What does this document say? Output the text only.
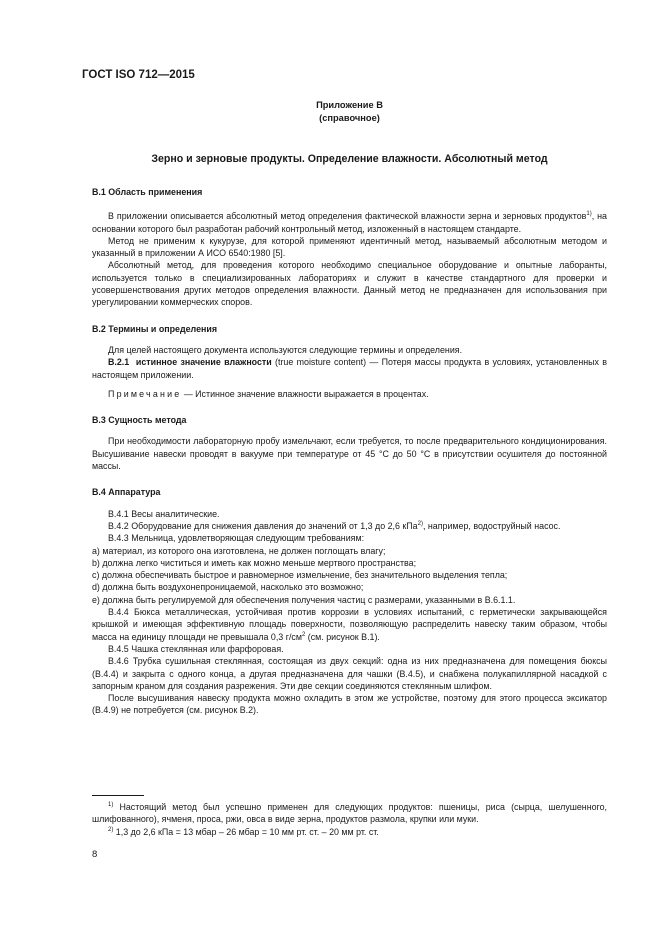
ГОСТ ISO 712—2015
Приложение В
(справочное)
Зерно и зерновые продукты. Определение влажности. Абсолютный метод
В.1 Область применения

В приложении описывается абсолютный метод определения фактической влажности зерна и зерновых продуктов$^{1)}$, на основании которого был разработан рабочий контрольный метод, изложенный в настоящем стандарте.

Метод не применим к кукурузе, для которой применяют идентичный метод, называемый абсолютным методом и указанный в приложении А ИСО 6540:1980 [5].

Абсолютный метод, для проведения которого необходимо специальное оборудование и опытные лаборанты, используется только в специализированных лабораториях и служит в качестве стандартного для проверки и усовершенствования других методов определения влажности. Данный метод не предназначен для использования при урегулировании коммерческих споров.

В.2 Термины и определения

Для целей настоящего документа используются следующие термины и определения.

В.2.1 истинное значение влажности (true moisture content) — Потеря массы продукта в условиях, установленных в настоящем приложении.

Примечание — Истинное значение влажности выражается в процентах.

В.3 Сущность метода

При необходимости лабораторную пробу измельчают, если требуется, то после предварительного кондиционирования. Высушивание навески проводят в вакууме при температуре от 45 °С до 50 °С в присутствии осушителя до постоянной массы.

В.4 Аппаратура

В.4.1 Весы аналитические.

В.4.2 Оборудование для снижения давления до значений от 1,3 до 2,6 кПа$^{2)}$, например, водоструйный насос.

В.4.3 Мельница, удовлетворяющая следующим требованиям:

a) материал, из которого она изготовлена, не должен поглощать влагу;

b) должна легко чиститься и иметь как можно меньше мертвого пространства;

c) должна обеспечивать быстрое и равномерное измельчение, без значительного выделения тепла;

d) должна быть воздухонепроницаемой, насколько это возможно;

e) должна быть регулируемой для обеспечения получения частиц с размерами, указанными в В.6.1.1.

В.4.4 Бюкса металлическая, устойчивая против коррозии в условиях испытаний, с герметически закрывающейся крышкой и имеющая эффективную площадь поверхности, позволяющую распределить навеску таким образом, чтобы масса на единицу площади не превышала 0,3 $г/см^2$ (см. рисунок В.1).

В.4.5 Чашка стеклянная или фарфоровая.

В.4.6 Трубка сушильная стеклянная, состоящая из двух секций: одна из них предназначена для помещения бюксы (В.4.4) и закрыта с одного конца, а другая предназначена для чашки (В.4.5), и снабжена полукапиллярной насадкой с запорным краном для создания разрежения. Эти две секции соединяются стеклянным шлифом.

После высушивания навеску продукта можно охладить в этом же устройстве, поэтому для этого процесса эксикатор (В.4.9) не потребуется (см. рисунок В.2).

$^{1)}$ Настоящий метод был успешно применен для следующих продуктов: пшеницы, риса (сырца, шелушенного, шлифованного), ячменя, проса, ржи, овса в виде зерна, продуктов размола, крупки или муки.

$^{2)}$ 1,3 до 2,6 кПа = 13 мбар – 26 мбар = 10 мм рт. ст. – 20 мм рт. ст.

8
